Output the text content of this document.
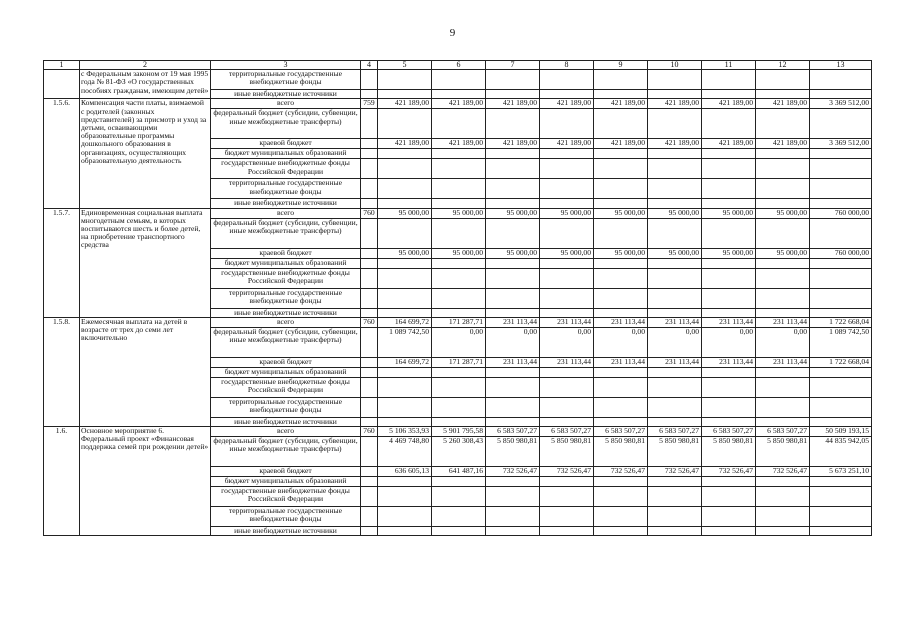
9
1	2	3	4	5	6	7	8	9	10	11	12	13
	с Федеральным законом от 19 мая 1995 года № 81-ФЗ «О государственных пособиях гражданам, имеющим детей»	территориальные государственные внебюджетные фонды										
		иные внебюджетные источники										
1.5.6.	Компенсация части платы, взимаемой с родителей (законных представителей) за присмотр и уход за детьми, осваивающими образовательные программы дошкольного образования в организациях, осуществляющих образовательную деятельность	всего	759	421 189,00	421 189,00	421 189,00	421 189,00	421 189,00	421 189,00	421 189,00	421 189,00	3 369 512,00
		федеральный бюджет (субсидии, субвенции, иные межбюджетные трансферты)										
		краевой бюджет		421 189,00	421 189,00	421 189,00	421 189,00	421 189,00	421 189,00	421 189,00	421 189,00	3 369 512,00
		бюджет муниципальных образований										
		государственные внебюджетные фонды Российской Федерации										
		территориальные государственные внебюджетные фонды										
		иные внебюджетные источники										
1.5.7.	Единовременная социальная выплата многодетным семьям, в которых воспитываются шесть и более детей, на приобретение транспортного средства	всего	760	95 000,00	95 000,00	95 000,00	95 000,00	95 000,00	95 000,00	95 000,00	95 000,00	760 000,00
		федеральный бюджет (субсидии, субвенции, иные межбюджетные трансферты)										
		краевой бюджет		95 000,00	95 000,00	95 000,00	95 000,00	95 000,00	95 000,00	95 000,00	95 000,00	760 000,00
		бюджет муниципальных образований										
		государственные внебюджетные фонды Российской Федерации										
		территориальные государственные внебюджетные фонды										
		иные внебюджетные источники										
1.5.8.	Ежемесячная выплата на детей в возрасте от трех до семи лет включительно	всего	760	164 699,72	171 287,71	231 113,44	231 113,44	231 113,44	231 113,44	231 113,44	231 113,44	1 722 668,04
		федеральный бюджет (субсидии, субвенции, иные межбюджетные трансферты)		1 089 742,50	0,00	0,00	0,00	0,00	0,00	0,00	0,00	1 089 742,50
		краевой бюджет		164 699,72	171 287,71	231 113,44	231 113,44	231 113,44	231 113,44	231 113,44	231 113,44	1 722 668,04
		бюджет муниципальных образований										
		государственные внебюджетные фонды Российской Федерации										
		территориальные государственные внебюджетные фонды										
		иные внебюджетные источники										
1.6.	Основное мероприятие 6. Федеральный проект «Финансовая поддержка семей при рождении детей»	всего	760	5 106 353,93	5 901 795,58	6 583 507,27	6 583 507,27	6 583 507,27	6 583 507,27	6 583 507,27	6 583 507,27	50 509 193,15
		федеральный бюджет (субсидии, субвенции, иные межбюджетные трансферты)		4 469 748,80	5 260 308,43	5 850 980,81	5 850 980,81	5 850 980,81	5 850 980,81	5 850 980,81	5 850 980,81	44 835 942,05
		краевой бюджет		636 605,13	641 487,16	732 526,47	732 526,47	732 526,47	732 526,47	732 526,47	732 526,47	5 673 251,10
		бюджет муниципальных образований										
		государственные внебюджетные фонды Российской Федерации										
		территориальные государственные внебюджетные фонды										
		иные внебюджетные источники										
